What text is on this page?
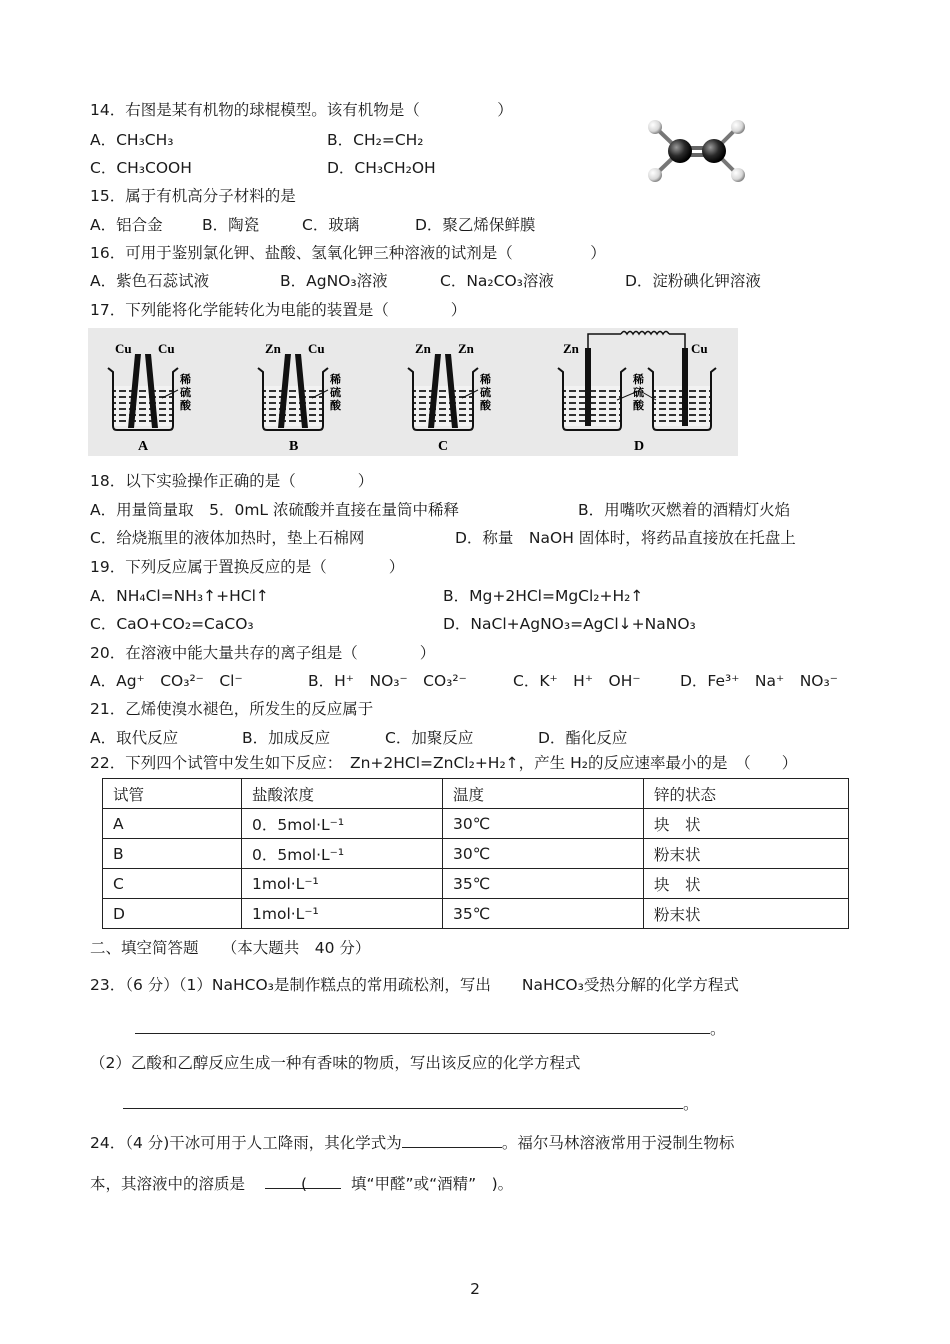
14．右图是某有机物的球棍模型。该有机物是（　　　　　）
A．CH₃CH₃	B．CH₂=CH₂
C．CH₃COOH	D．CH₃CH₂OH
15．属于有机高分子材料的是
A．铝合金	B．陶瓷	C．玻璃	D．聚乙烯保鲜膜
16．可用于鉴别氯化钾、盐酸、氢氧化钾三种溶液的试剂是（　　　　　）
A．紫色石蕊试液	B．AgNO₃溶液	C．Na₂CO₃溶液	D．淀粉碘化钾溶液
17．下列能将化学能转化为电能的装置是（　　　　）
Cu Cu
稀硫酸
A
Zn Cu
稀硫酸
B
Zn Zn
稀硫酸
C
Zn	Cu
稀硫酸
D
18．以下实验操作正确的是（　　　　）
A．用量筒量取　5．0mL 浓硫酸并直接在量筒中稀释	B．用嘴吹灭燃着的酒精灯火焰
C．给烧瓶里的液体加热时，垫上石棉网	D．称量　NaOH 固体时，将药品直接放在托盘上
19．下列反应属于置换反应的是（　　　　）
A．NH₄Cl=NH₃↑+HCl↑	B．Mg+2HCl=MgCl₂+H₂↑
C．CaO+CO₂=CaCO₃	D．NaCl+AgNO₃=AgCl↓+NaNO₃
20．在溶液中能大量共存的离子组是（　　　　）
A．Ag⁺　CO₃²⁻　Cl⁻	B．H⁺　NO₃⁻　CO₃²⁻	C．K⁺　H⁺　OH⁻	D．Fe³⁺　Na⁺　NO₃⁻
21．乙烯使溴水褪色，所发生的反应属于
A．取代反应	B．加成反应	C．加聚反应	D．酯化反应
22．下列四个试管中发生如下反应：　Zn+2HCl=ZnCl₂+H₂↑，产生 H₂的反应速率最小的是　（　　）
试管	盐酸浓度	温度	锌的状态
A	0．5mol·L⁻¹	30℃	块　状
B	0．5mol·L⁻¹	30℃	粉末状
C	1mol·L⁻¹	35℃	块　状
D	1mol·L⁻¹	35℃	粉末状
二、填空简答题　　（本大题共　40 分）
23．（6 分）（1）NaHCO₃是制作糕点的常用疏松剂，写出　　NaHCO₃受热分解的化学方程式
。
（2）乙酸和乙醇反应生成一种有香味的物质，写出该反应的化学方程式
。
24．（4 分)干冰可用于人工降雨，其化学式为	。福尔马林溶液常用于浸制生物标
本，其溶液中的溶质是	(	填“甲醛”或“酒精”　)。
2
